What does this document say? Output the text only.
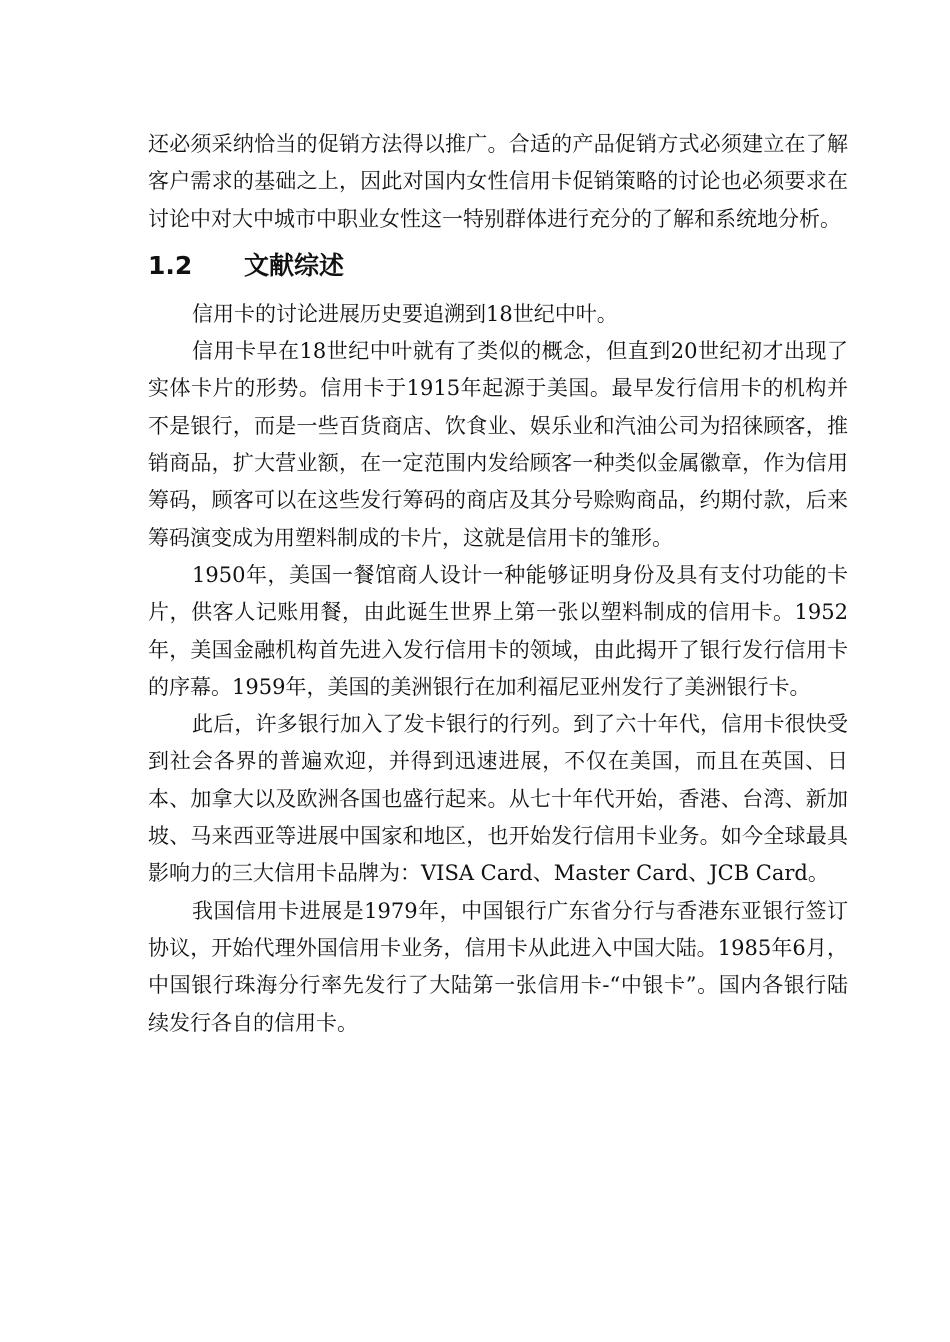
还必须采纳恰当的促销方法得以推广。合适的产品促销方式必须建立在了解客户需求的基础之上，因此对国内女性信用卡促销策略的讨论也必须要求在讨论中对大中城市中职业女性这一特别群体进行充分的了解和系统地分析。

1.2	文献综述

信用卡的讨论进展历史要追溯到18世纪中叶。

信用卡早在18世纪中叶就有了类似的概念，但直到20世纪初才出现了实体卡片的形势。信用卡于1915年起源于美国。最早发行信用卡的机构并不是银行，而是一些百货商店、饮食业、娱乐业和汽油公司为招徕顾客，推销商品，扩大营业额，在一定范围内发给顾客一种类似金属徽章，作为信用筹码，顾客可以在这些发行筹码的商店及其分号赊购商品，约期付款，后来筹码演变成为用塑料制成的卡片，这就是信用卡的雏形。

1950年，美国一餐馆商人设计一种能够证明身份及具有支付功能的卡片，供客人记账用餐，由此诞生世界上第一张以塑料制成的信用卡。1952年，美国金融机构首先进入发行信用卡的领域，由此揭开了银行发行信用卡的序幕。1959年，美国的美洲银行在加利福尼亚州发行了美洲银行卡。

此后，许多银行加入了发卡银行的行列。到了六十年代，信用卡很快受到社会各界的普遍欢迎，并得到迅速进展，不仅在美国，而且在英国、日本、加拿大以及欧洲各国也盛行起来。从七十年代开始，香港、台湾、新加坡、马来西亚等进展中国家和地区，也开始发行信用卡业务。如今全球最具影响力的三大信用卡品牌为：VISA Card、Master Card、JCB Card。

我国信用卡进展是1979年，中国银行广东省分行与香港东亚银行签订协议，开始代理外国信用卡业务，信用卡从此进入中国大陆。1985年6月，中国银行珠海分行率先发行了大陆第一张信用卡-“中银卡”。国内各银行陆续发行各自的信用卡。
